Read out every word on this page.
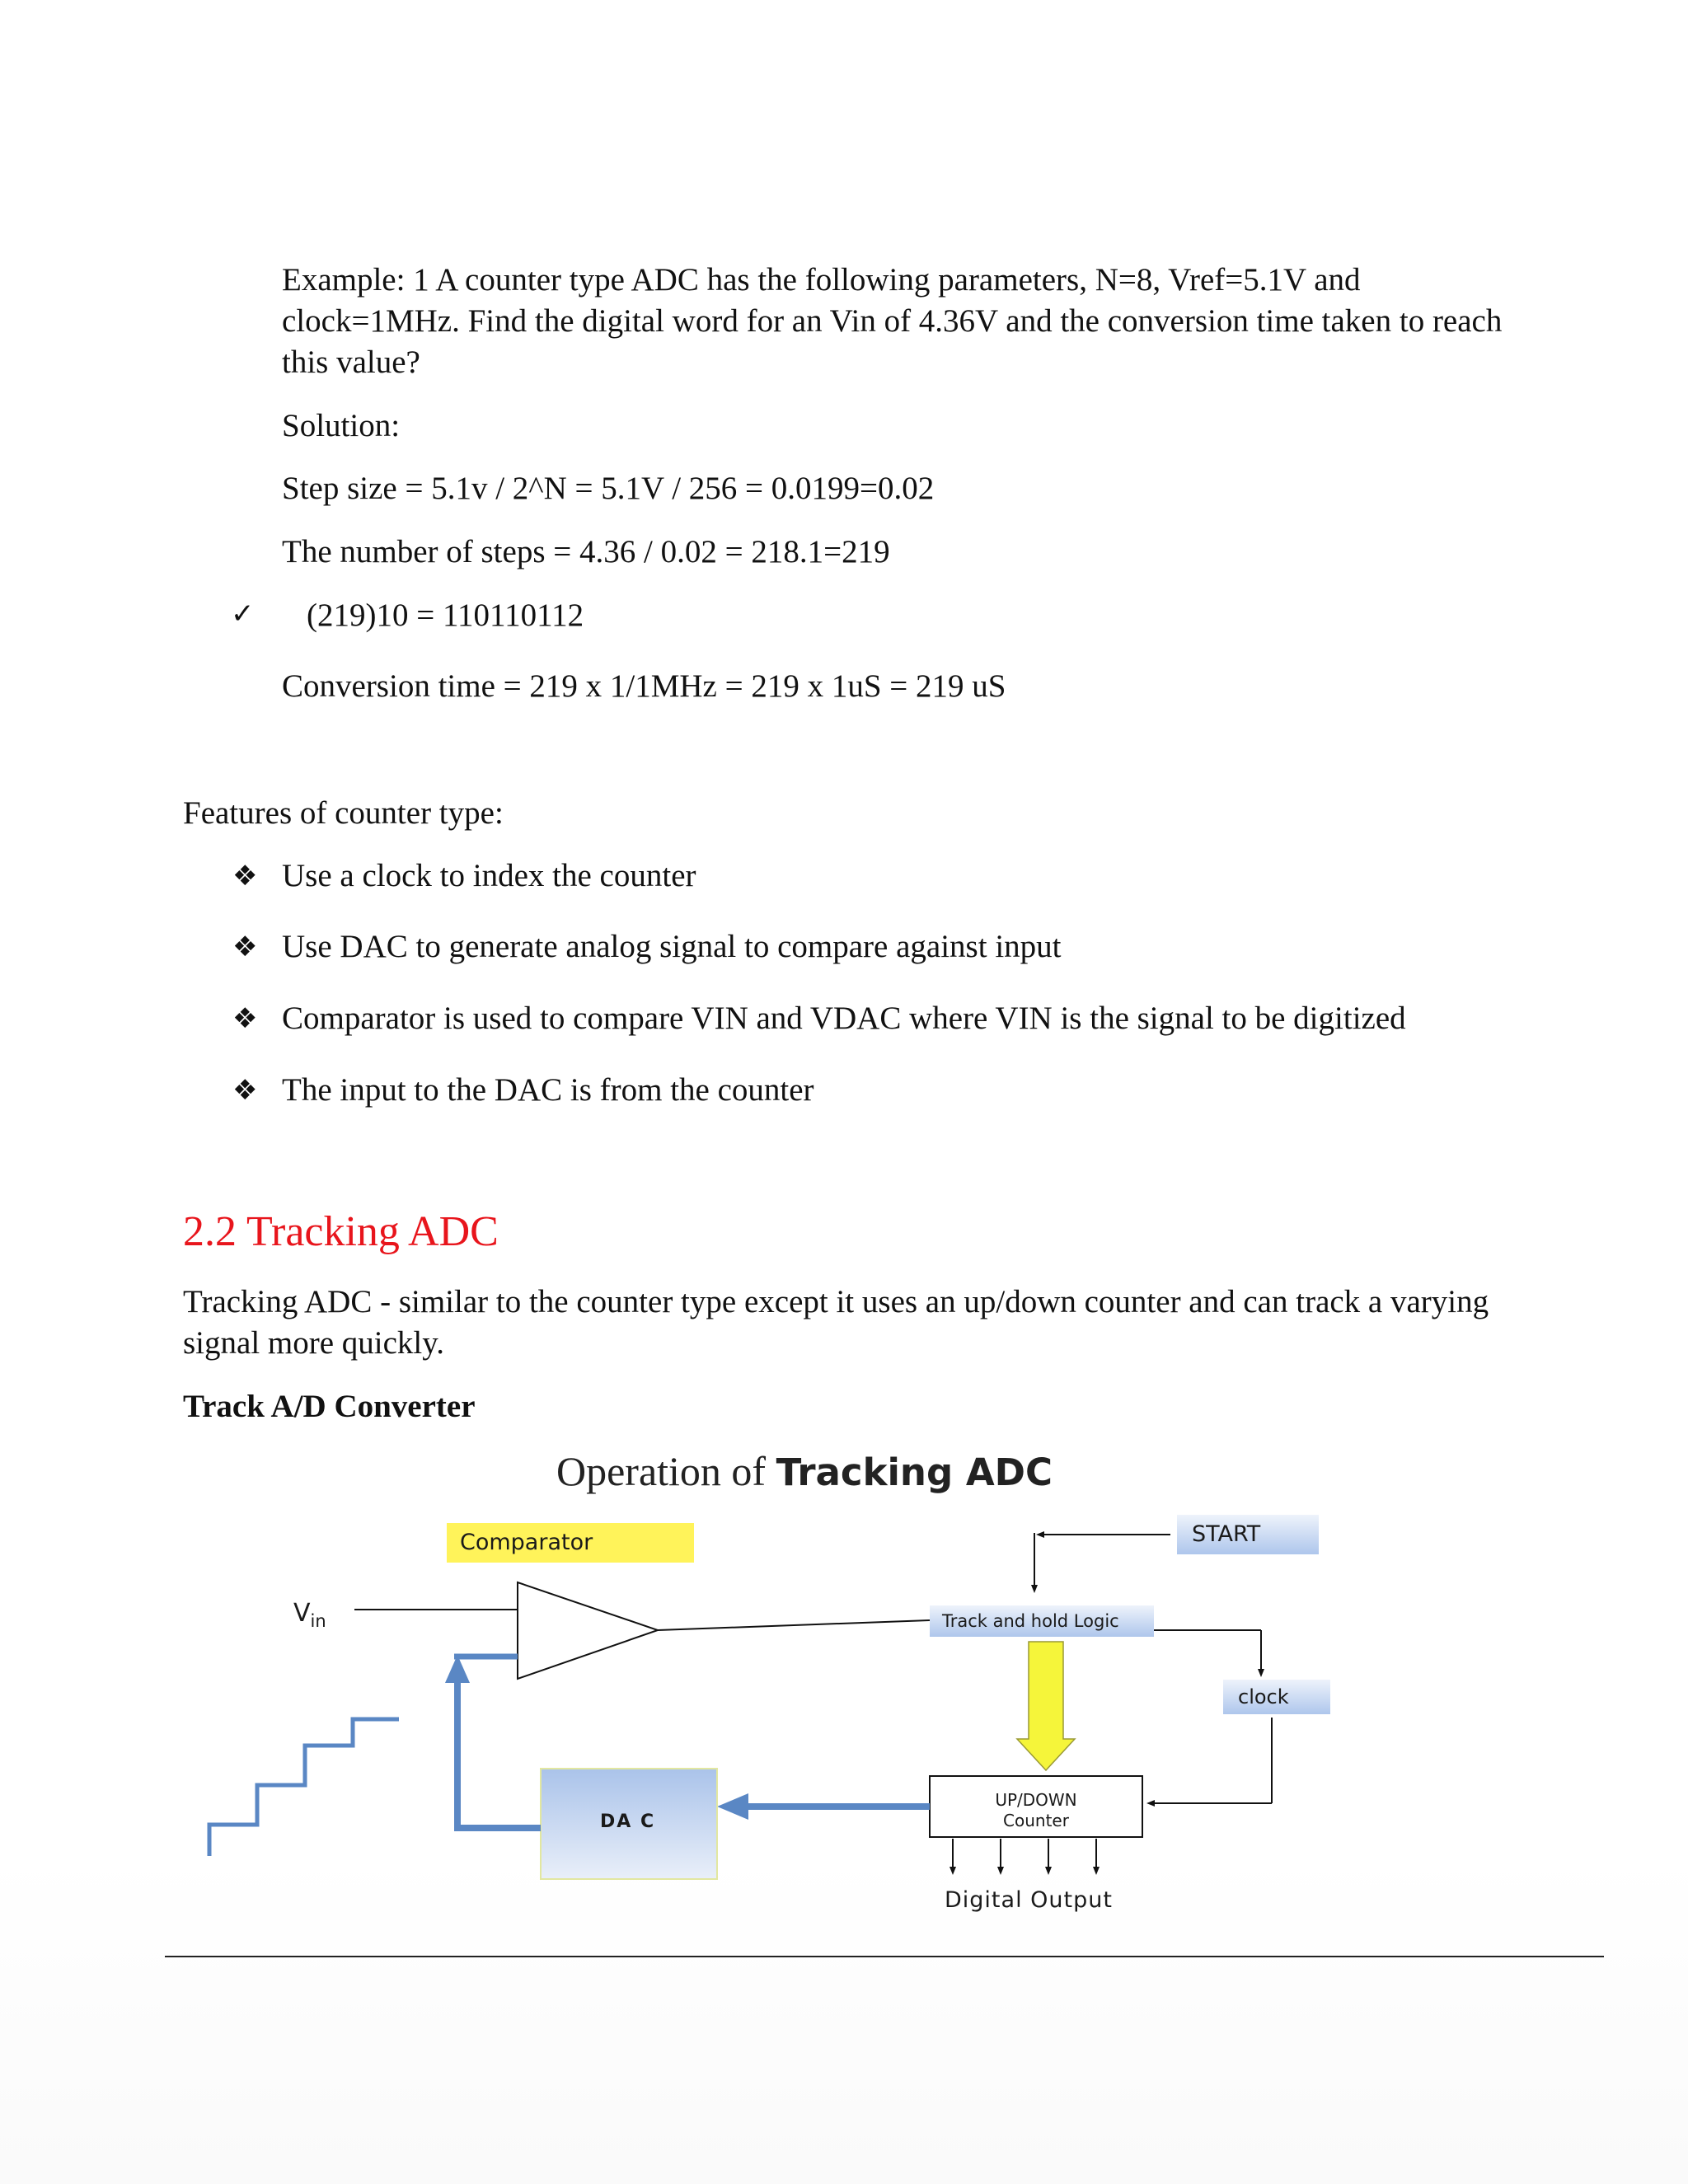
Example: 1 A counter type ADC has the following parameters, N=8, Vref=5.1V and
clock=1MHz. Find the digital word for an Vin of 4.36V and the conversion time taken to reach
this value?
Solution:
Step size = 5.1v / 2^N = 5.1V / 256 = 0.0199=0.02
The number of steps = 4.36 / 0.02 = 218.1=219
✓ (219)10 = 110110112
Conversion time = 219 x 1/1MHz = 219 x 1uS = 219 uS
Features of counter type:
❖ Use a clock to index the counter
❖ Use DAC to generate analog signal to compare against input
❖ Comparator is used to compare VIN and VDAC where VIN is the signal to be digitized
❖ The input to the DAC is from the counter
2.2 Tracking ADC
Tracking ADC - similar to the counter type except it uses an up/down counter and can track a varying signal more quickly.
Track A/D Converter
Operation of Tracking ADC
Comparator	START
$V_{in}$	Track and hold Logic
clock
DA C
UP/DOWN
Counter
Digital Output
